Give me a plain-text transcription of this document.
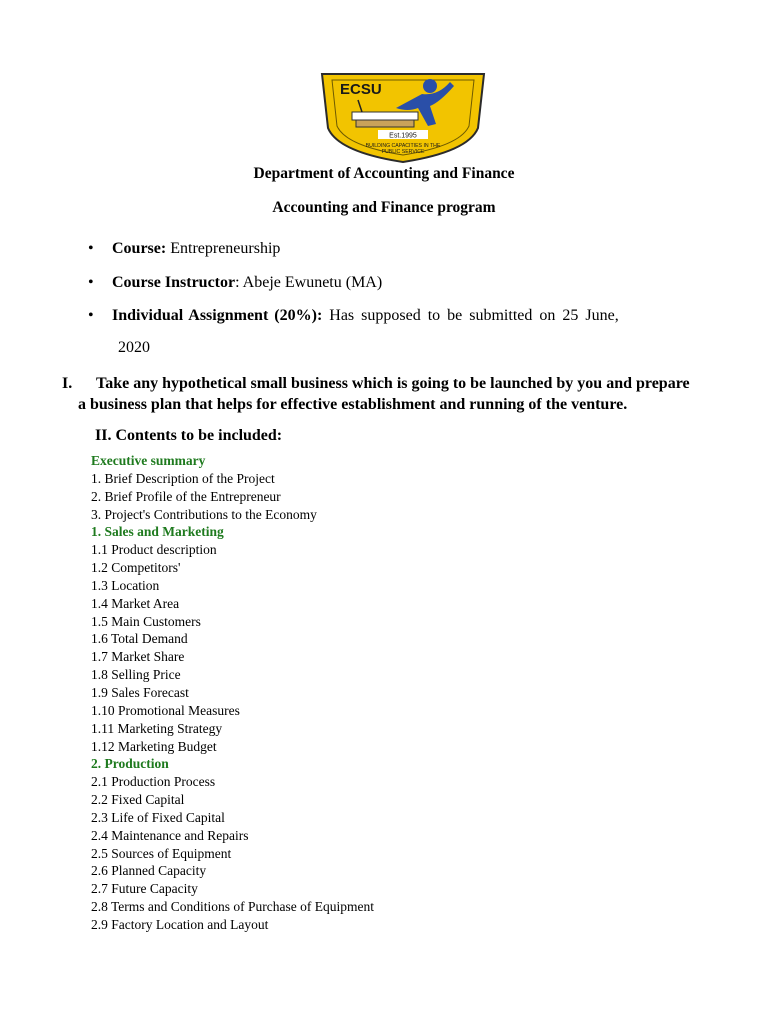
ECSU
Est.1995
BUILDING CAPACITIES IN THE
PUBLIC SERVICE
Department of Accounting and Finance
Accounting and Finance program
• Course: Entrepreneurship
• Course Instructor: Abeje Ewunetu (MA)
• Individual Assignment (20%): Has supposed to be submitted on 25 June,
2020
I.	Take any hypothetical small business which is going to be launched by you and prepare
a business plan that helps for effective establishment and running of the venture.
II. Contents to be included:
Executive summary
1. Brief Description of the Project
2. Brief Profile of the Entrepreneur
3. Project's Contributions to the Economy
1. Sales and Marketing
1.1 Product description
1.2 Competitors'
1.3 Location
1.4 Market Area
1.5 Main Customers
1.6 Total Demand
1.7 Market Share
1.8 Selling Price
1.9 Sales Forecast
1.10 Promotional Measures
1.11 Marketing Strategy
1.12 Marketing Budget
2. Production
2.1 Production Process
2.2 Fixed Capital
2.3 Life of Fixed Capital
2.4 Maintenance and Repairs
2.5 Sources of Equipment
2.6 Planned Capacity
2.7 Future Capacity
2.8 Terms and Conditions of Purchase of Equipment
2.9 Factory Location and Layout
